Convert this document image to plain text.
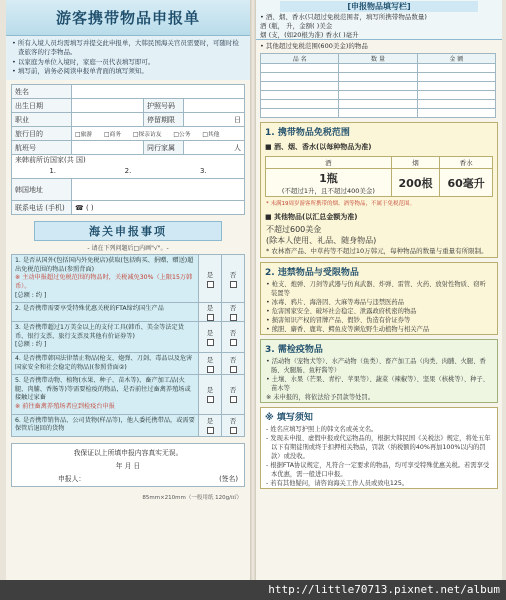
游客携带物品申报单
• 所有入境人员均需填写并提交此申报单，大韩民国海关官员需要时，可随时检查旅客的行李物品。
• 以家庭为单位入境时，家庭一员代表填写即可。
• 填写前，请务必阅读申报单背面的填写须知。
姓名			
出生日期		护照号码	
职业		停留期限	日
旅行目的	□旅游 □商务 □探亲访友 □公务 □其他		
航班号		同行家属	人

来韩前所访国家(共 国)
1. 2. 3.			

韩国地址			
联系电话 (手机)	☎ ( )		
海关申报事项
- 请在下列问题后□内画"√"。-
1. 是否从国外(包括国内外免税店)获取(包括购买、捐赠、赠送)超出免税范围的物品(参照背面)
※ 主动申报超过免税范围的物品时，关税减免30%（上限15万韩币）。
[总额 : 约 ]
是	否
2. 是否携带需要享受特殊优惠关税的FTA缔约国生产品	是	否
3. 是否携带超过1万美金以上的支付工具(韩币、美金等法定货币、银行支票、旅行支票及其他有价证券等)
[总额 : 约 ]
是	否
4. 是否携带韩国法律禁止物品(枪支、炮弹、刀剑、毒品以及危害国家安全和社会稳定的物品)(参照背面②)
是	否
5. 是否携带动物、植物(水果、种子、苗木等)、畜产加工品(火腿、肉脯、香肠等)等需要检疫的物品，是否前往过畜禽养殖场或接触过家畜
※ 前往畜禽养殖场者应到检疫台申报
是	否
6. 是否携带销售品、公司货物(样品等)，他人委托携带品，或需要保管后退回的货物
是	否
我保证以上所填申报内容真实无误。
年 月 日
申报人：	(签名)
85mm×210mm（一般用纸 120g/㎡）
[申报物品填写栏]
• 酒、烟、香水(只超过免税范围者，填写所携带物品数量)
酒 (瓶， 升，金额( )美金
烟 (支，(如20根为准) 香水( )毫升
• 其他超过免税范围(600美金)的物品
品 名	数 量	金 额

1. 携带物品免税范围
■ 酒、烟、香水(以每种物品为准)
酒	烟	香水

1瓶
(不超过1升，且不超过400美金)	200根	60毫升
* 未满19周岁游客所携带的烟、酒等物品，不属于免税范围。
■ 其他物品(以汇总金额为准)
不超过600美金
(除本人使用、礼品、随身物品)
* 农林畜产品、中草药等不超过10万韩元，每种物品的数量与重量有所限制。
2. 违禁物品与受限物品
• 枪支、炮弹、刀剑等武器与仿真武器、炸弹、雷管、火药、放射性物质、窃听装置等
• 冰毒、鸦片、海洛因、大麻等毒品与违禁医药品
• 危害国家安全、破坏社会稳定、泄露政府机密的物品
• 损害知识产权的冒牌产品、假钞、伪造有价证券等
• 熊胆、麝香、鹿茸、鳄鱼皮等濒危野生动植物与相关产品
3. 需检疫物品
• 活动物（宠物犬等）、水产动物（鱼类）、畜产加工品（肉类、肉脯、火腿、香肠、火腿肠、鱼籽酱等）
• 土壤、水果（芒果、青柠、苹果等）、蔬菜（辣椒等）、坚果（核桃等）、种子、苗木等
※ 未申报的，将依法给予罚款等处罚。
※ 填写须知
- 姓名应填写护照上的韩文名或英文名。
- 发现未申报、虚假申报或代运物品的，根据大韩民国《关税法》规定，将处五年以下有期徒刑或终于扣押相关物品，罚款（纳税额的40%再加100%以内的罚款）或没收。
- 根据FTA协议规定，凡符合一定要求的物品，均可享受特殊优惠关税。若需享受本优惠，需一般进口申报。
- 若有其他疑问，请咨询海关工作人员或致电125。
http://little70713.pixnet.net/album
